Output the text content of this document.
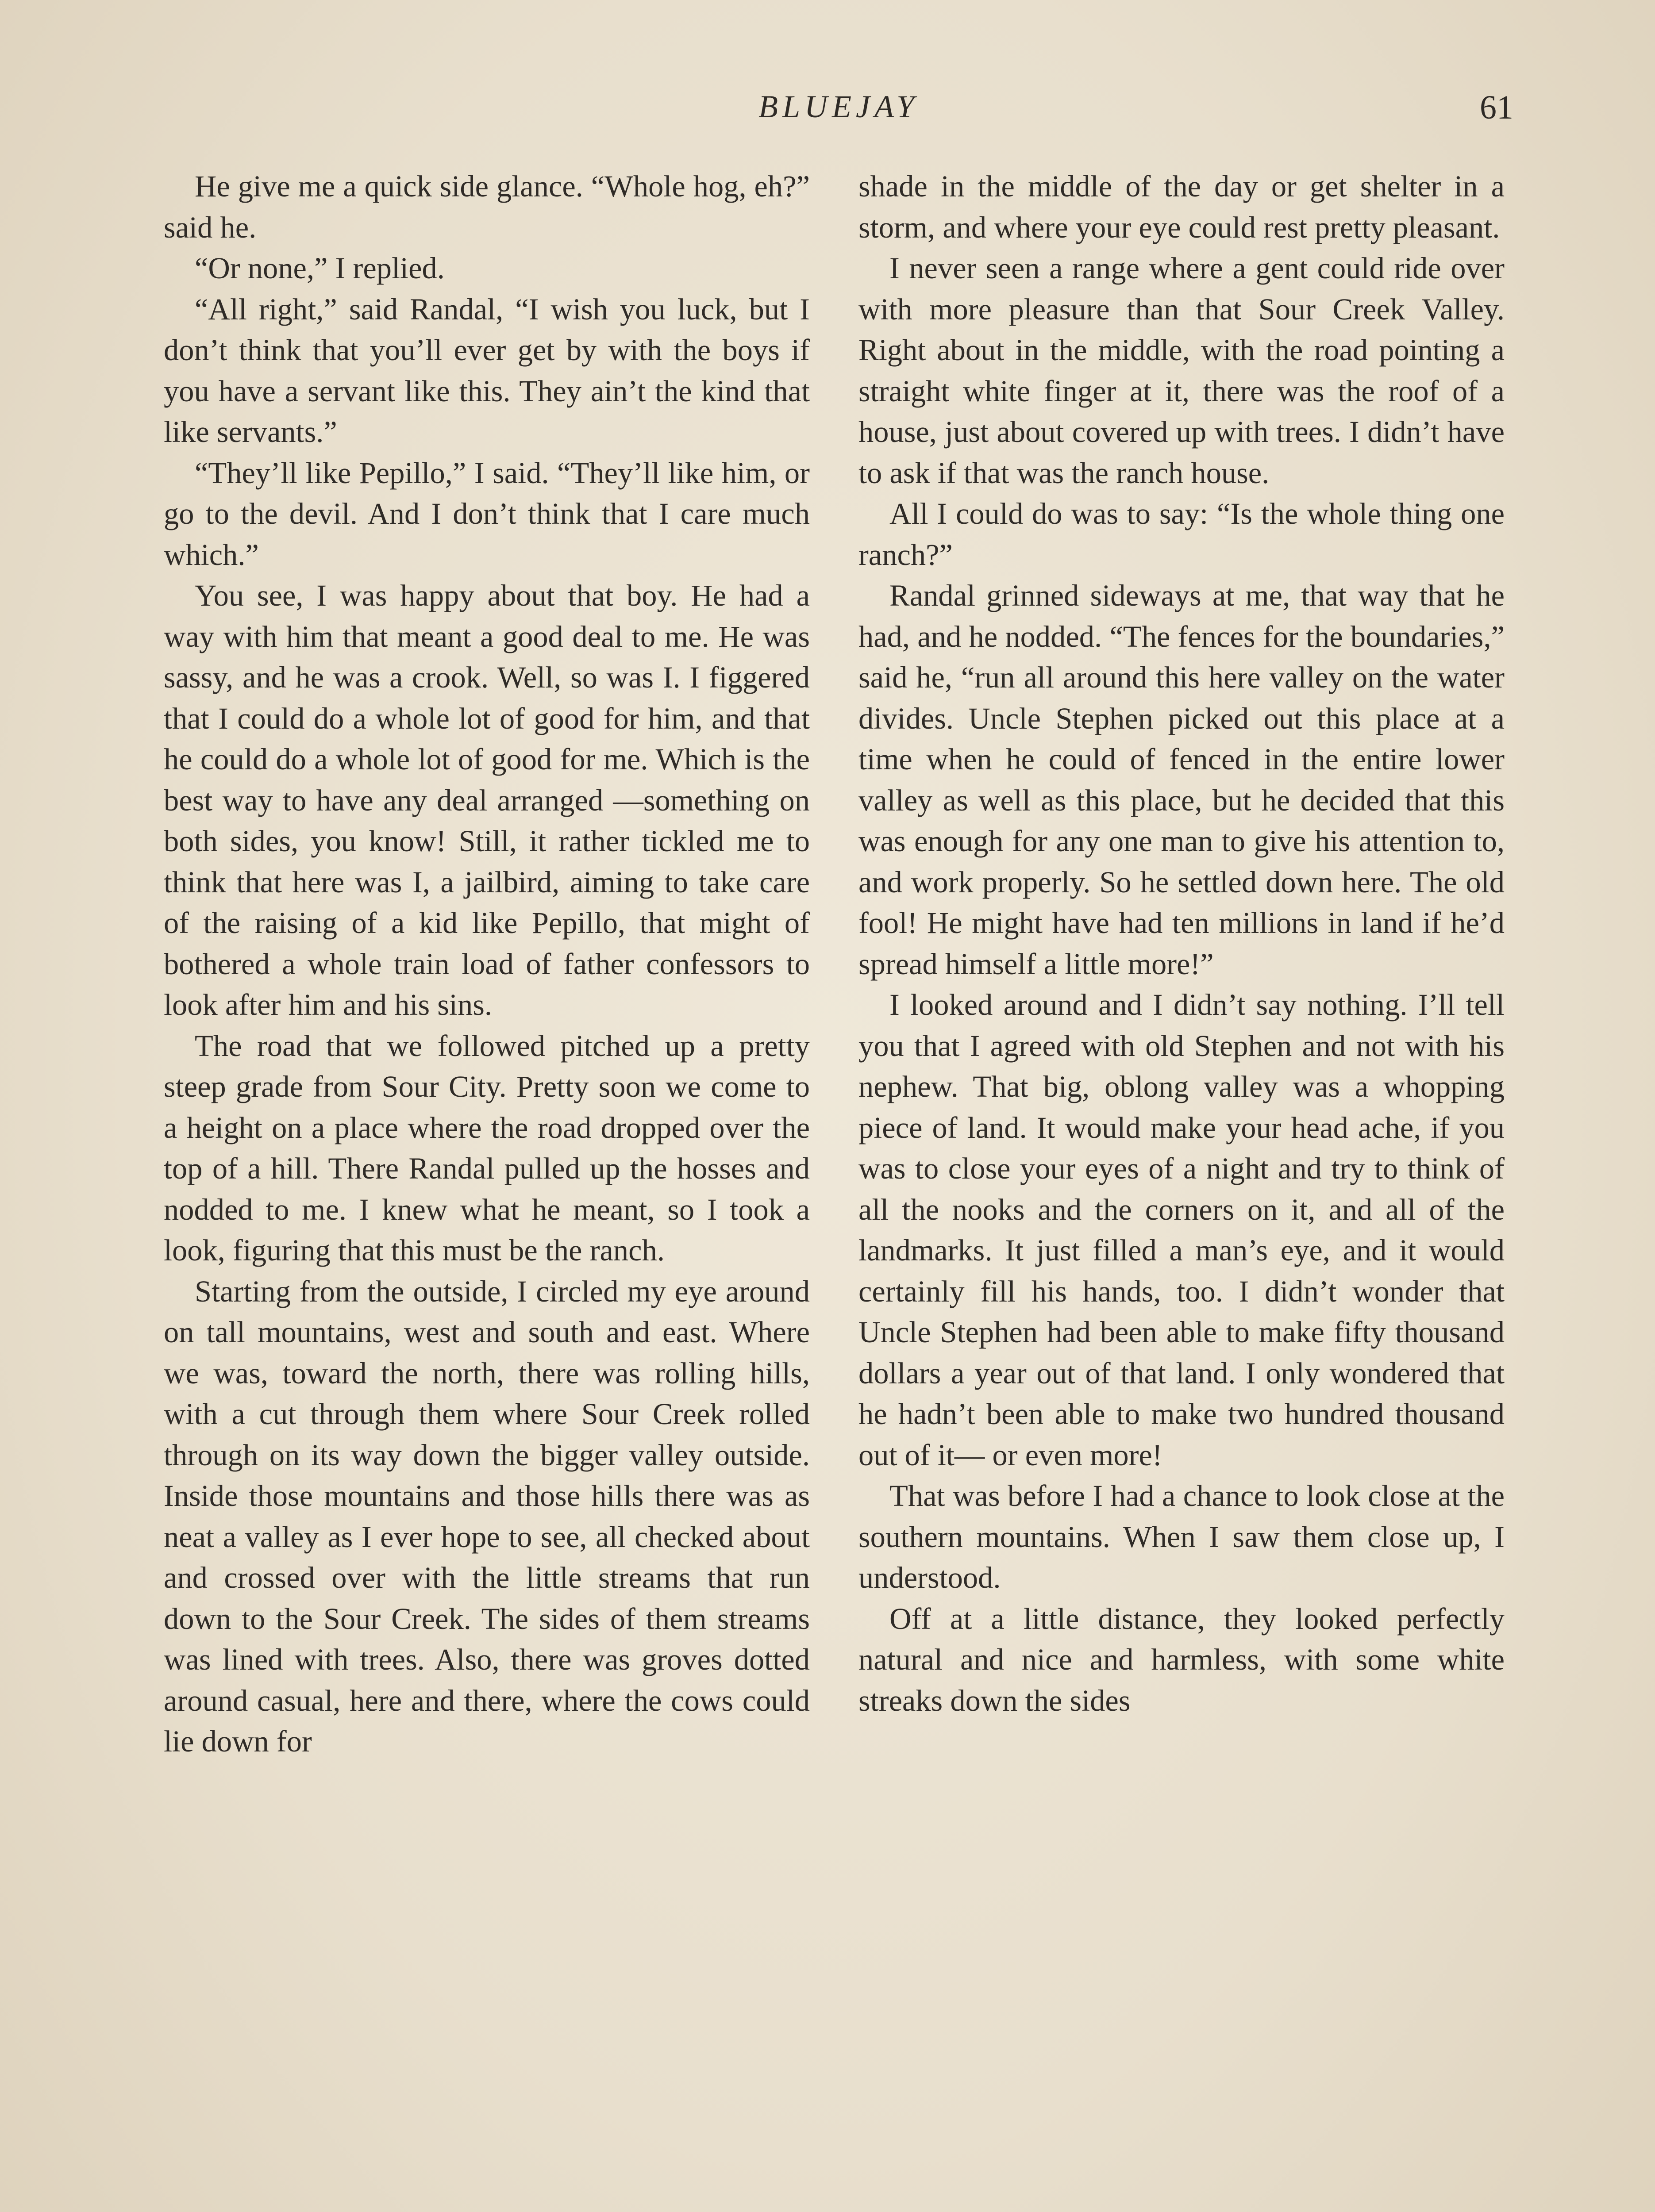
BLUEJAY	61

He give me a quick side glance. “Whole hog, eh?” said he.

“Or none,” I replied.

“All right,” said Randal, “I wish you luck, but I don’t think that you’ll ever get by with the boys if you have a servant like this. They ain’t the kind that like servants.”

“They’ll like Pepillo,” I said. “They’ll like him, or go to the devil. And I don’t think that I care much which.”

You see, I was happy about that boy. He had a way with him that meant a good deal to me. He was sassy, and he was a crook. Well, so was I. I figgered that I could do a whole lot of good for him, and that he could do a whole lot of good for me. Which is the best way to have any deal arranged —something on both sides, you know! Still, it rather tickled me to think that here was I, a jailbird, aiming to take care of the raising of a kid like Pepillo, that might of bothered a whole train load of father confessors to look after him and his sins.

The road that we followed pitched up a pretty steep grade from Sour City. Pretty soon we come to a height on a place where the road dropped over the top of a hill. There Randal pulled up the hosses and nodded to me. I knew what he meant, so I took a look, figuring that this must be the ranch.

Starting from the outside, I circled my eye around on tall mountains, west and south and east. Where we was, toward the north, there was rolling hills, with a cut through them where Sour Creek rolled through on its way down the bigger valley outside. Inside those mountains and those hills there was as neat a valley as I ever hope to see, all checked about and crossed over with the little streams that run down to the Sour Creek. The sides of them streams was lined with trees. Also, there was groves dotted around casual, here and there, where the cows could lie down for

shade in the middle of the day or get shelter in a storm, and where your eye could rest pretty pleasant.

I never seen a range where a gent could ride over with more pleasure than that Sour Creek Valley. Right about in the middle, with the road pointing a straight white finger at it, there was the roof of a house, just about covered up with trees. I didn’t have to ask if that was the ranch house.

All I could do was to say: “Is the whole thing one ranch?”

Randal grinned sideways at me, that way that he had, and he nodded. “The fences for the boundaries,” said he, “run all around this here valley on the water divides. Uncle Stephen picked out this place at a time when he could of fenced in the entire lower valley as well as this place, but he decided that this was enough for any one man to give his attention to, and work properly. So he settled down here. The old fool! He might have had ten millions in land if he’d spread himself a little more!”

I looked around and I didn’t say nothing. I’ll tell you that I agreed with old Stephen and not with his nephew. That big, oblong valley was a whopping piece of land. It would make your head ache, if you was to close your eyes of a night and try to think of all the nooks and the corners on it, and all of the landmarks. It just filled a man’s eye, and it would certainly fill his hands, too. I didn’t wonder that Uncle Stephen had been able to make fifty thousand dollars a year out of that land. I only wondered that he hadn’t been able to make two hundred thousand out of it— or even more!

That was before I had a chance to look close at the southern mountains. When I saw them close up, I understood.

Off at a little distance, they looked perfectly natural and nice and harmless, with some white streaks down the sides
